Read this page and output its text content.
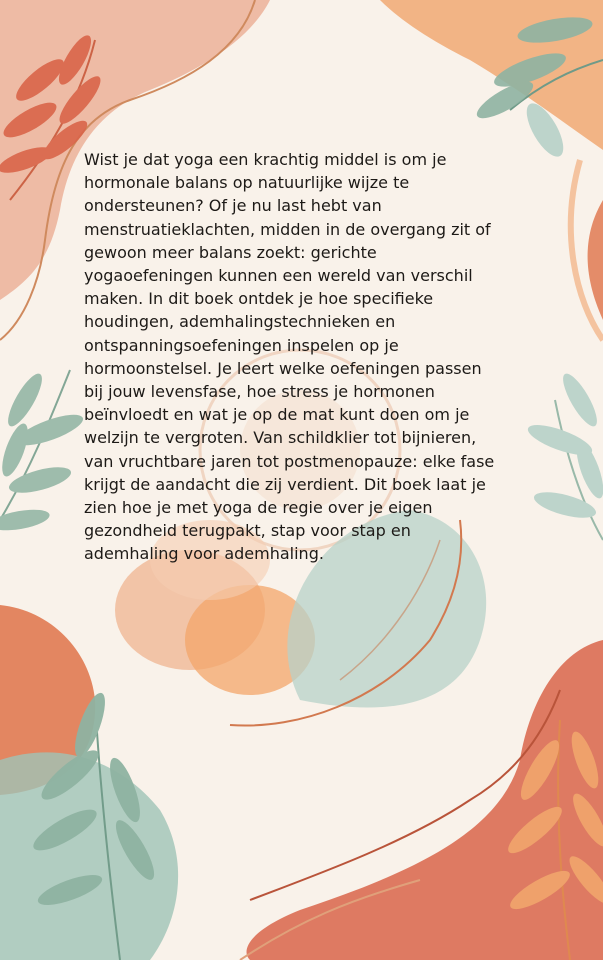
Wist je dat yoga een krachtig middel is om je
hormonale balans op natuurlijke wijze te
ondersteunen? Of je nu last hebt van
menstruatieklachten, midden in de overgang zit of
gewoon meer balans zoekt: gerichte
yogaoefeningen kunnen een wereld van verschil
maken. In dit boek ontdek je hoe specifieke
houdingen, ademhalingstechnieken en
ontspanningsoefeningen inspelen op je
hormoonstelsel. Je leert welke oefeningen passen
bij jouw levensfase, hoe stress je hormonen
beïnvloedt en wat je op de mat kunt doen om je
welzijn te vergroten. Van schildklier tot bijnieren,
van vruchtbare jaren tot postmenopauze: elke fase
krijgt de aandacht die zij verdient. Dit boek laat je
zien hoe je met yoga de regie over je eigen
gezondheid terugpakt, stap voor stap en
ademhaling voor ademhaling.
